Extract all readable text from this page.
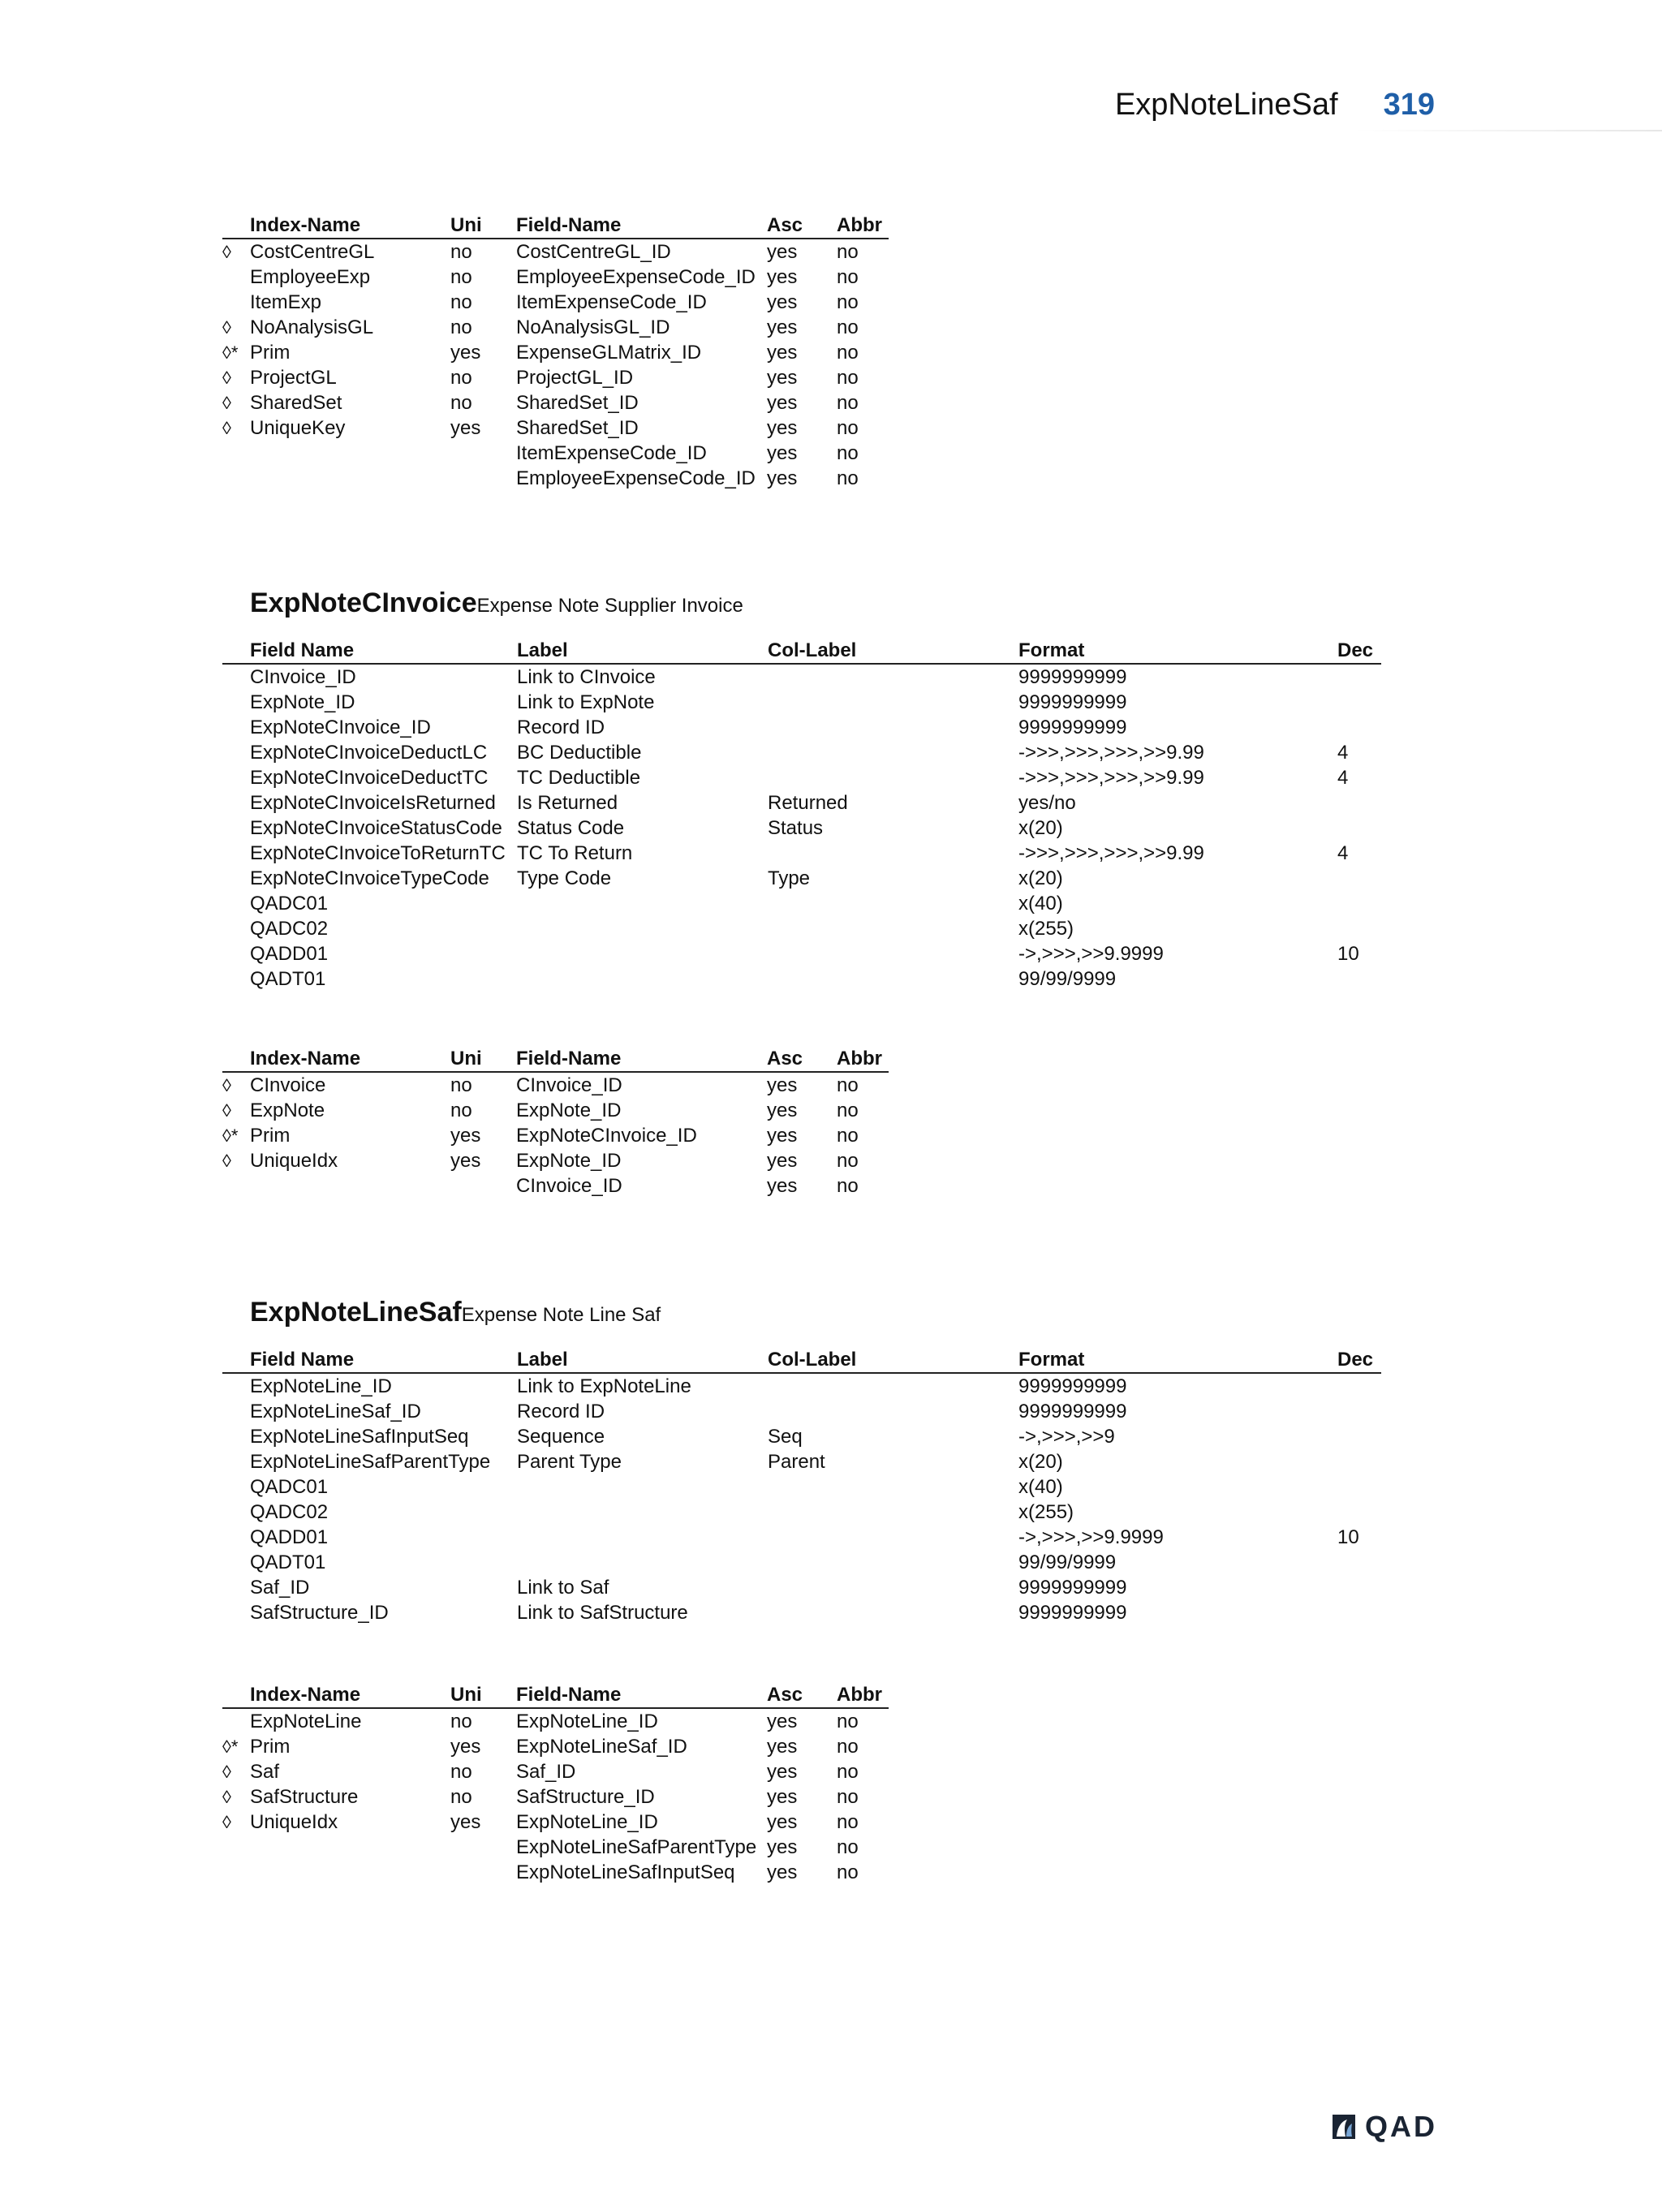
ExpNoteLineSaf 319
	Index-Name	Uni	Field-Name	Asc	Abbr
◊	CostCentreGL	no	CostCentreGL_ID	yes	no
	EmployeeExp	no	EmployeeExpenseCode_ID	yes	no
	ItemExp	no	ItemExpenseCode_ID	yes	no
◊	NoAnalysisGL	no	NoAnalysisGL_ID	yes	no
◊*	Prim	yes	ExpenseGLMatrix_ID	yes	no
◊	ProjectGL	no	ProjectGL_ID	yes	no
◊	SharedSet	no	SharedSet_ID	yes	no
◊	UniqueKey	yes	SharedSet_ID	yes	no
			ItemExpenseCode_ID	yes	no
			EmployeeExpenseCode_ID	yes	no
ExpNoteCInvoice Expense Note Supplier Invoice
	Field Name	Label	Col-Label	Format	Dec
	CInvoice_ID	Link to CInvoice		9999999999	
	ExpNote_ID	Link to ExpNote		9999999999	
	ExpNoteCInvoice_ID	Record ID		9999999999	
	ExpNoteCInvoiceDeductLC	BC Deductible		->>>,>>>,>>>,>>9.99	4
	ExpNoteCInvoiceDeductTC	TC Deductible		->>>,>>>,>>>,>>9.99	4
	ExpNoteCInvoiceIsReturned	Is Returned	Returned	yes/no	
	ExpNoteCInvoiceStatusCode	Status Code	Status	x(20)	
	ExpNoteCInvoiceToReturnTC	TC To Return		->>>,>>>,>>>,>>9.99	4
	ExpNoteCInvoiceTypeCode	Type Code	Type	x(20)	
	QADC01			x(40)	
	QADC02			x(255)	
	QADD01			->,>>>,>>9.9999	10
	QADT01			99/99/9999	
	Index-Name	Uni	Field-Name	Asc	Abbr
◊	CInvoice	no	CInvoice_ID	yes	no
◊	ExpNote	no	ExpNote_ID	yes	no
◊*	Prim	yes	ExpNoteCInvoice_ID	yes	no
◊	UniqueIdx	yes	ExpNote_ID	yes	no
			CInvoice_ID	yes	no
ExpNoteLineSaf Expense Note Line Saf
	Field Name	Label	Col-Label	Format	Dec
	ExpNoteLine_ID	Link to ExpNoteLine		9999999999	
	ExpNoteLineSaf_ID	Record ID		9999999999	
	ExpNoteLineSafInputSeq	Sequence	Seq	->,>>>,>>9	
	ExpNoteLineSafParentType	Parent Type	Parent	x(20)	
	QADC01			x(40)	
	QADC02			x(255)	
	QADD01			->,>>>,>>9.9999	10
	QADT01			99/99/9999	
	Saf_ID	Link to Saf		9999999999	
	SafStructure_ID	Link to SafStructure		9999999999	
	Index-Name	Uni	Field-Name	Asc	Abbr
	ExpNoteLine	no	ExpNoteLine_ID	yes	no
◊*	Prim	yes	ExpNoteLineSaf_ID	yes	no
◊	Saf	no	Saf_ID	yes	no
◊	SafStructure	no	SafStructure_ID	yes	no
◊	UniqueIdx	yes	ExpNoteLine_ID	yes	no
			ExpNoteLineSafParentType	yes	no
			ExpNoteLineSafInputSeq	yes	no
QAD
